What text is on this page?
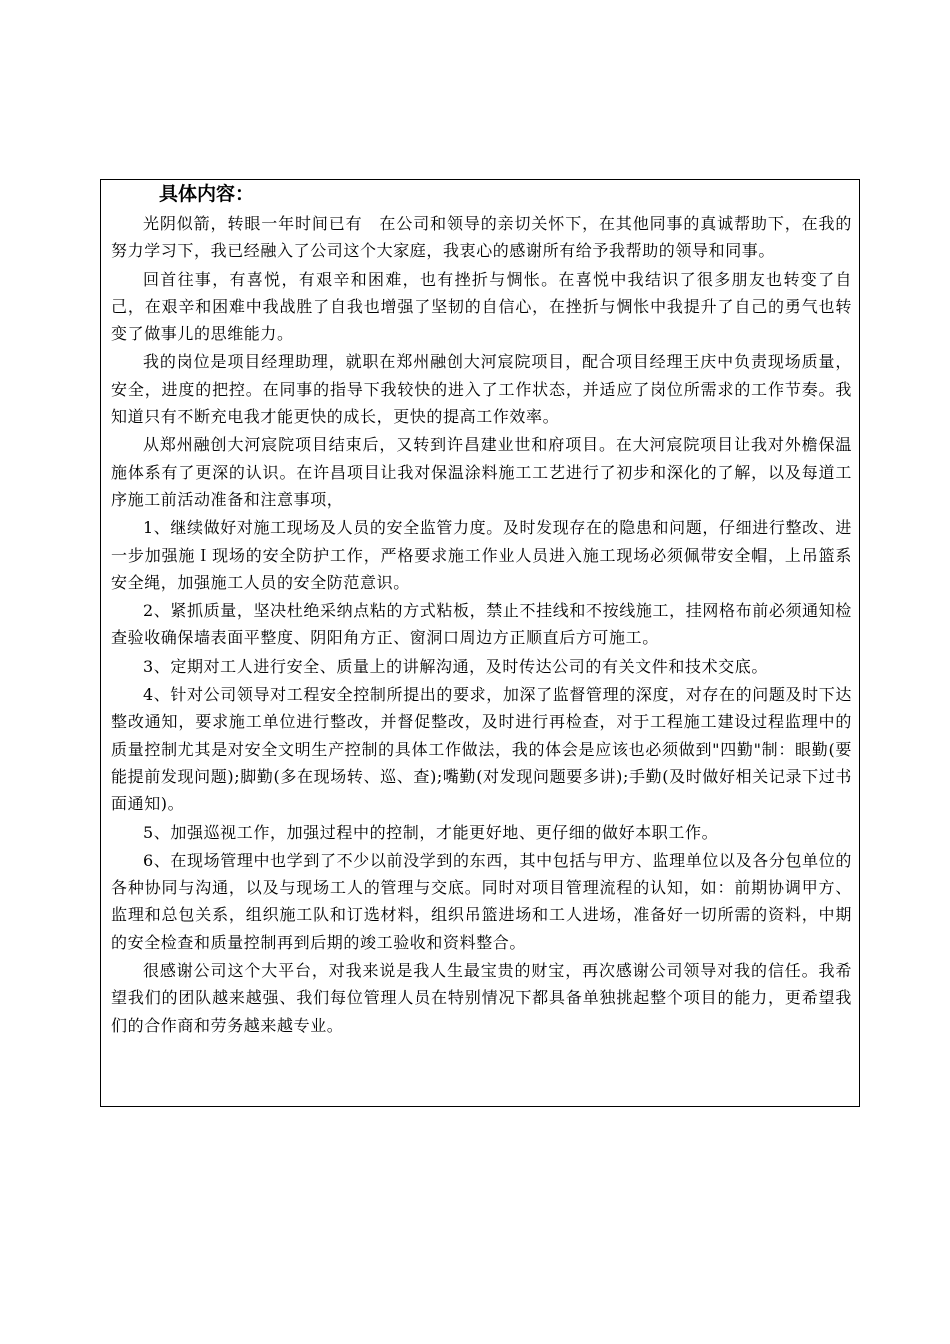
具体内容：

光阴似箭，转眼一年时间已有　在公司和领导的亲切关怀下，在其他同事的真诚帮助下，在我的努力学习下，我已经融入了公司这个大家庭，我衷心的感谢所有给予我帮助的领导和同事。

回首往事，有喜悦，有艰辛和困难，也有挫折与惆怅。在喜悦中我结识了很多朋友也转变了自己，在艰辛和困难中我战胜了自我也增强了坚韧的自信心，在挫折与惆怅中我提升了自己的勇气也转变了做事儿的思维能力。

我的岗位是项目经理助理，就职在郑州融创大河宸院项目，配合项目经理王庆中负责现场质量，安全，进度的把控。在同事的指导下我较快的进入了工作状态，并适应了岗位所需求的工作节奏。我知道只有不断充电我才能更快的成长，更快的提高工作效率。

从郑州融创大河宸院项目结束后，又转到许昌建业世和府项目。在大河宸院项目让我对外檐保温施体系有了更深的认识。在许昌项目让我对保温涂料施工工艺进行了初步和深化的了解，以及每道工序施工前活动准备和注意事项，

1、继续做好对施工现场及人员的安全监管力度。及时发现存在的隐患和问题，仔细进行整改、进一步加强施Ｉ现场的安全防护工作，严格要求施工作业人员进入施工现场必须佩带安全帽，上吊篮系安全绳，加强施工人员的安全防范意识。

2、紧抓质量，坚决杜绝采纳点粘的方式粘板，禁止不挂线和不按线施工，挂网格布前必须通知检查验收确保墙表面平整度、阴阳角方正、窗洞口周边方正顺直后方可施工。

3、定期对工人进行安全、质量上的讲解沟通，及时传达公司的有关文件和技术交底。

4、针对公司领导对工程安全控制所提出的要求，加深了监督管理的深度，对存在的问题及时下达整改通知，要求施工单位进行整改，并督促整改，及时进行再检查，对于工程施工建设过程监理中的质量控制尤其是对安全文明生产控制的具体工作做法，我的体会是应该也必须做到"四勤"制：眼勤(要能提前发现问题);脚勤(多在现场转、巡、查);嘴勤(对发现问题要多讲);手勤(及时做好相关记录下过书面通知)。

5、加强巡视工作，加强过程中的控制，才能更好地、更仔细的做好本职工作。

6、在现场管理中也学到了不少以前没学到的东西，其中包括与甲方、监理单位以及各分包单位的各种协同与沟通，以及与现场工人的管理与交底。同时对项目管理流程的认知，如：前期协调甲方、监理和总包关系，组织施工队和订选材料，组织吊篮进场和工人进场，准备好一切所需的资料，中期的安全检查和质量控制再到后期的竣工验收和资料整合。

很感谢公司这个大平台，对我来说是我人生最宝贵的财宝，再次感谢公司领导对我的信任。我希望我们的团队越来越强、我们每位管理人员在特别情况下都具备单独挑起整个项目的能力，更希望我们的合作商和劳务越来越专业。
